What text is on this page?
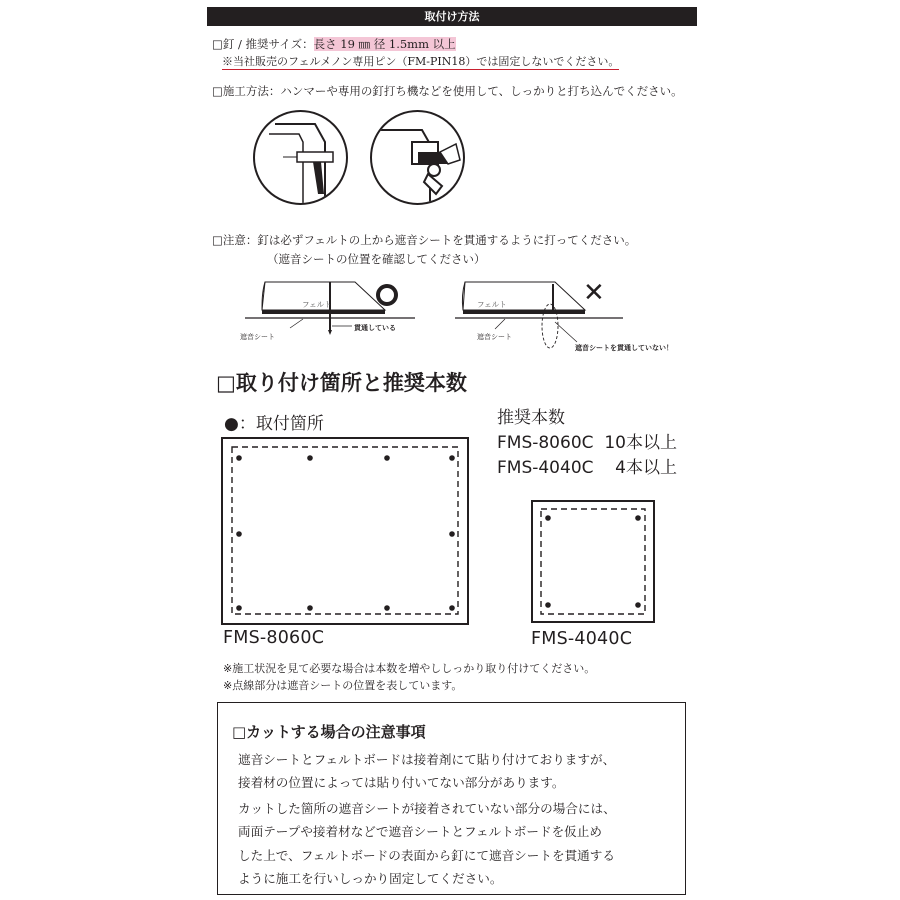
取付け方法
□釘 / 推奨サイズ：長さ 19 ㎜ 径 1.5mm 以上
※当社販売のフェルメノン専用ピン（FM-PIN18）では固定しないでください。
□施工方法：ハンマーや専用の釘打ち機などを使用して、しっかりと打ち込んでください。
□注意：釘は必ずフェルトの上から遮音シートを貫通するように打ってください。
（遮音シートの位置を確認してください）
フェルト
遮音シート
貫通している
フェルト
遮音シート
遮音シートを貫通していない！
✕
□取り付け箇所と推奨本数
●：取付箇所	推奨本数
FMS-8060C 10本以上
FMS-4040C 4本以上
FMS-8060C	FMS-4040C
※施工状況を見て必要な場合は本数を増やししっかり取り付けてください。
※点線部分は遮音シートの位置を表しています。
□カットする場合の注意事項
遮音シートとフェルトボードは接着剤にて貼り付けておりますが、
接着材の位置によっては貼り付いてない部分があります。
カットした箇所の遮音シートが接着されていない部分の場合には、
両面テープや接着材などで遮音シートとフェルトボードを仮止め
した上で、フェルトボードの表面から釘にて遮音シートを貫通する
ように施工を行いしっかり固定してください。
